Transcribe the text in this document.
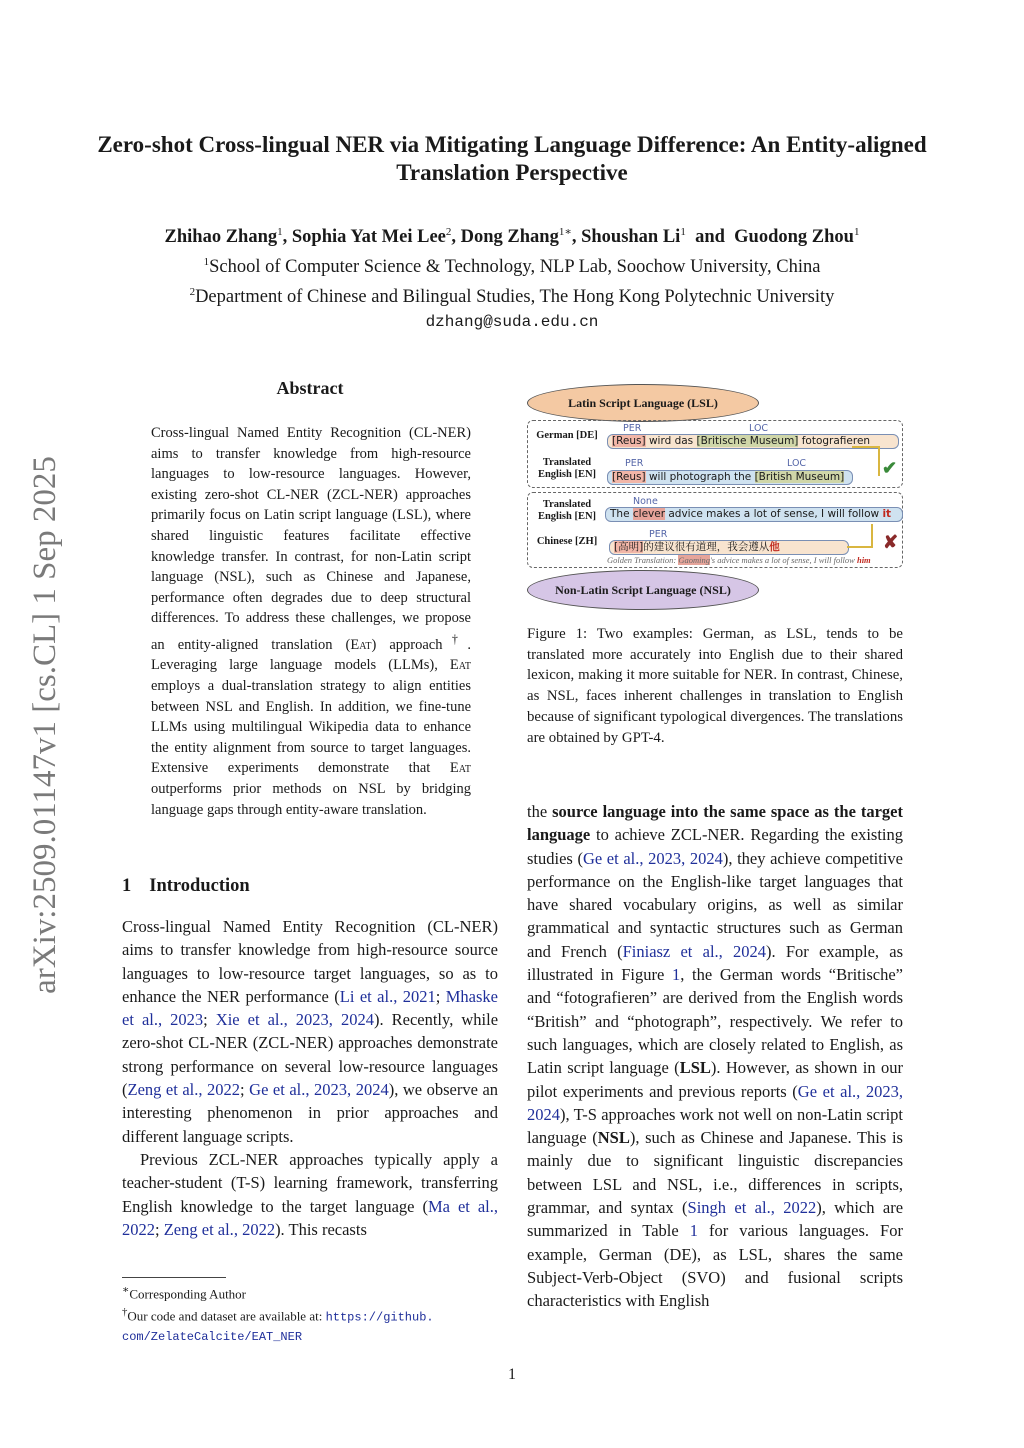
arXiv:2509.01147v1 [cs.CL] 1 Sep 2025
Zero-shot Cross-lingual NER via Mitigating Language Difference: An Entity-aligned Translation Perspective
Zhihao Zhang$^1$, Sophia Yat Mei Lee$^2$, Dong Zhang$^{1∗}$, Shoushan Li$^1$ and Guodong Zhou$^1$
$^1$School of Computer Science & Technology, NLP Lab, Soochow University, China
$^2$Department of Chinese and Bilingual Studies, The Hong Kong Polytechnic University
dzhang@suda.edu.cn
Abstract
Cross-lingual Named Entity Recognition (CL-NER) aims to transfer knowledge from high-resource languages to low-resource languages. However, existing zero-shot CL-NER (ZCL-NER) approaches primarily focus on Latin script language (LSL), where shared linguistic features facilitate effective knowledge transfer. In contrast, for non-Latin script language (NSL), such as Chinese and Japanese, performance often degrades due to deep structural differences. To address these challenges, we propose an entity-aligned translation (Eat) approach†. Leveraging large language models (LLMs), Eat employs a dual-translation strategy to align entities between NSL and English. In addition, we fine-tune LLMs using multilingual Wikipedia data to enhance the entity alignment from source to target languages. Extensive experiments demonstrate that Eat outperforms prior methods on NSL by bridging language gaps through entity-aware translation.
1 Introduction

Cross-lingual Named Entity Recognition (CL-NER) aims to transfer knowledge from high-resource source languages to low-resource target languages, so as to enhance the NER performance (Li et al., 2021; Mhaske et al., 2023; Xie et al., 2023, 2024). Recently, while zero-shot CL-NER (ZCL-NER) approaches demonstrate strong performance on several low-resource languages (Zeng et al., 2022; Ge et al., 2023, 2024), we observe an interesting phenomenon in prior approaches and different language scripts.

Previous ZCL-NER approaches typically apply a teacher-student (T-S) learning framework, transferring English knowledge to the target language (Ma et al., 2022; Zeng et al., 2022). This recasts

∗Corresponding Author
†Our code and dataset are available at: https://github.
com/ZelateCalcite/EAT_NER
Latin Script Language (LSL)
German [DE]
PER	LOC
[Reus] wird das [Britische Museum] fotografieren
Translated English [EN]
PER	LOC
[Reus] will photograph the [British Museum]	✔
Translated English [EN]
None
The clever advice makes a lot of sense, I will follow it
Chinese [ZH]
PER
[高明]的建议很有道理，我会遵从他	✘
Golden Translation: Gaoming's advice makes a lot of sense, I will follow him
Non-Latin Script Language (NSL)
Figure 1: Two examples: German, as LSL, tends to be translated more accurately into English due to their shared lexicon, making it more suitable for NER. In contrast, Chinese, as NSL, faces inherent challenges in translation to English because of significant typological divergences. The translations are obtained by GPT-4.

the source language into the same space as the target language to achieve ZCL-NER. Regarding the existing studies (Ge et al., 2023, 2024), they achieve competitive performance on the English-like target languages that have shared vocabulary origins, as well as similar grammatical and syntactic structures such as German and French (Finiasz et al., 2024). For example, as illustrated in Figure 1, the German words “Britische” and “fotografieren” are derived from the English words “British” and “photograph”, respectively. We refer to such languages, which are closely related to English, as Latin script language (LSL). However, as shown in our pilot experiments and previous reports (Ge et al., 2023, 2024), T-S approaches work not well on non-Latin script language (NSL), such as Chinese and Japanese. This is mainly due to significant linguistic discrepancies between LSL and NSL, i.e., differences in scripts, grammar, and syntax (Singh et al., 2022), which are summarized in Table 1 for various languages. For example, German (DE), as LSL, shares the same Subject-Verb-Object (SVO) and fusional scripts characteristics with English

1
